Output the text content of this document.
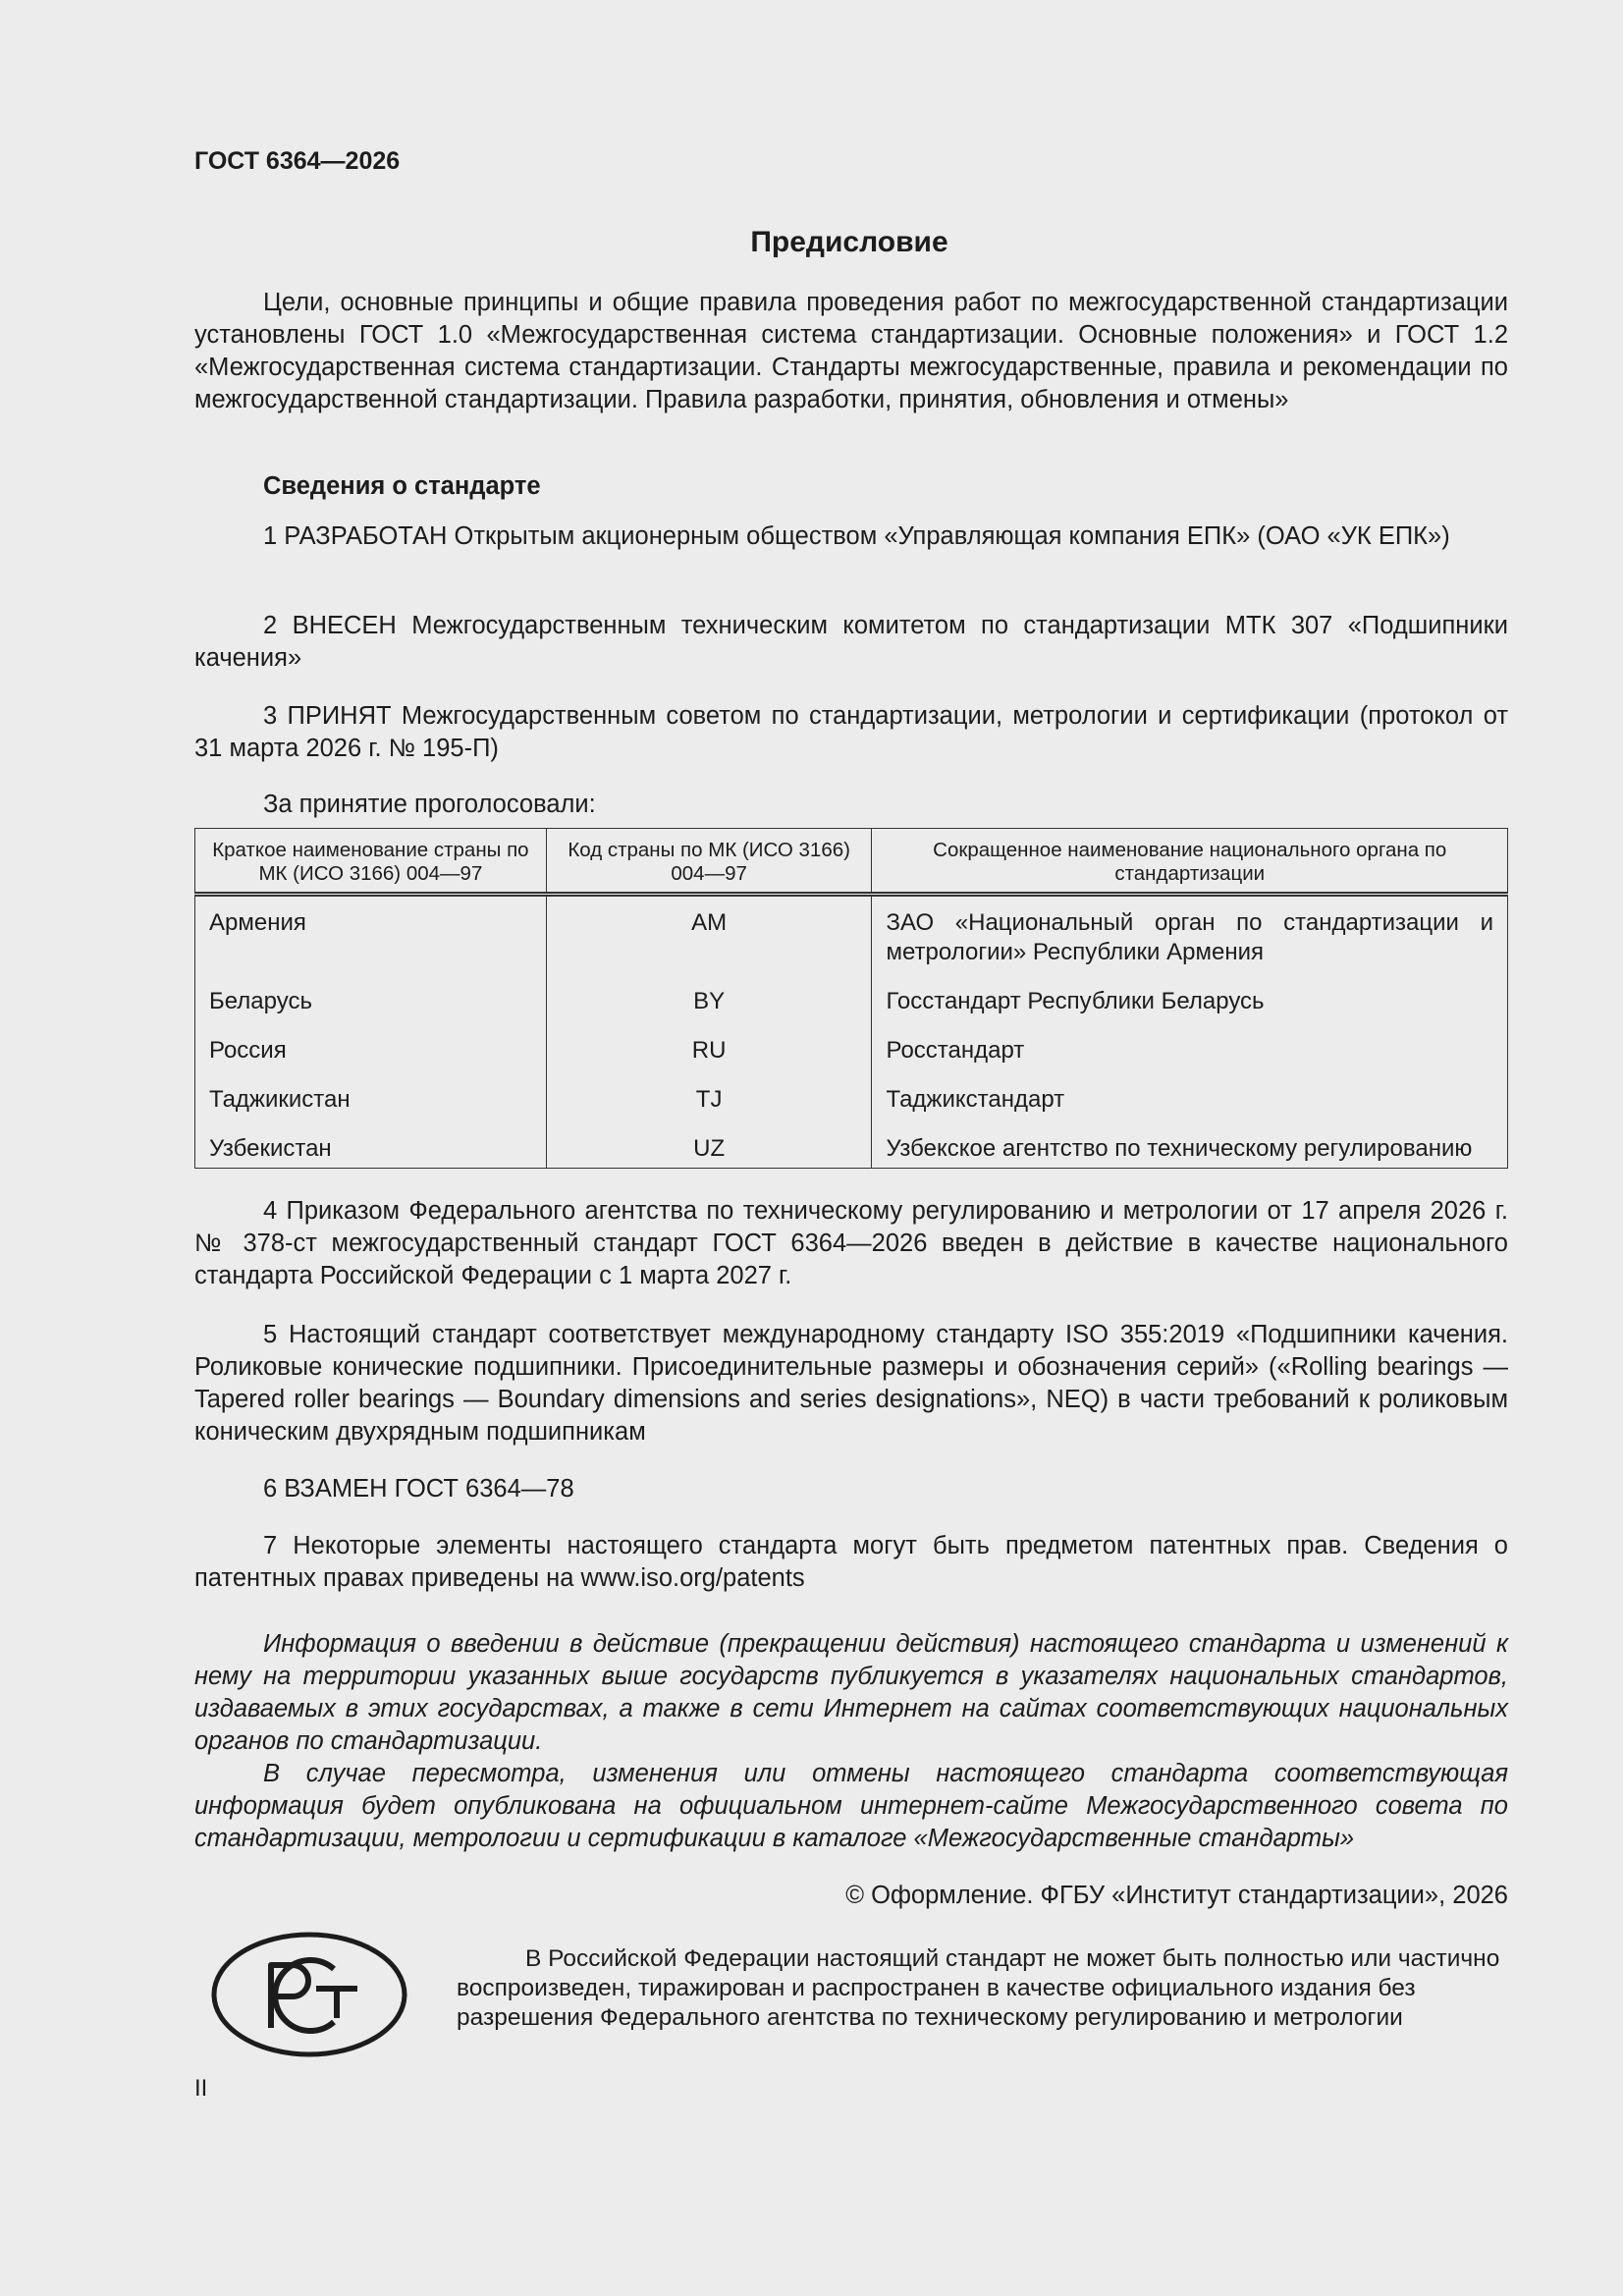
ГОСТ 6364—2026
Предисловие

Цели, основные принципы и общие правила проведения работ по межгосударственной стандартизации установлены ГОСТ 1.0 «Межгосударственная система стандартизации. Основные положения» и ГОСТ 1.2 «Межгосударственная система стандартизации. Стандарты межгосударственные, правила и рекомендации по межгосударственной стандартизации. Правила разработки, принятия, обновления и отмены»

Сведения о стандарте

1 РАЗРАБОТАН Открытым акционерным обществом «Управляющая компания ЕПК» (ОАО «УК ЕПК»)

2 ВНЕСЕН Межгосударственным техническим комитетом по стандартизации МТК 307 «Подшипники качения»

3 ПРИНЯТ Межгосударственным советом по стандартизации, метрологии и сертификации (протокол от 31 марта 2026 г. № 195-П)

За принятие проголосовали:
Краткое наименование страны по МК (ИСО 3166) 004—97	Код страны по МК (ИСО 3166) 004—97	Сокращенное наименование национального органа по стандартизации
Армения	AM	ЗАО «Национальный орган по стандартизации и метрологии» Республики Армения
Беларусь	BY	Госстандарт Республики Беларусь
Россия	RU	Росстандарт
Таджикистан	TJ	Таджикстандарт
Узбекистан	UZ	Узбекское агентство по техническому регулированию

4 Приказом Федерального агентства по техническому регулированию и метрологии от 17 апреля 2026 г. № 378-ст межгосударственный стандарт ГОСТ 6364—2026 введен в действие в качестве национального стандарта Российской Федерации с 1 марта 2027 г.

5 Настоящий стандарт соответствует международному стандарту ISO 355:2019 «Подшипники качения. Роликовые конические подшипники. Присоединительные размеры и обозначения серий» («Rolling bearings — Tapered roller bearings — Boundary dimensions and series designations», NEQ) в части требований к роликовым коническим двухрядным подшипникам

6 ВЗАМЕН ГОСТ 6364—78

7 Некоторые элементы настоящего стандарта могут быть предметом патентных прав. Сведения о патентных правах приведены на www.iso.org/patents

Информация о введении в действие (прекращении действия) настоящего стандарта и изменений к нему на территории указанных выше государств публикуется в указателях национальных стандартов, издаваемых в этих государствах, а также в сети Интернет на сайтах соответствующих национальных органов по стандартизации.

В случае пересмотра, изменения или отмены настоящего стандарта соответствующая информация будет опубликована на официальном интернет-сайте Межгосударственного совета по стандартизации, метрологии и сертификации в каталоге «Межгосударственные стандарты»

© Оформление. ФГБУ «Институт стандартизации», 2026

В Российской Федерации настоящий стандарт не может быть полностью или частично воспроизведен, тиражирован и распространен в качестве официального издания без разрешения Федерального агентства по техническому регулированию и метрологии

II
